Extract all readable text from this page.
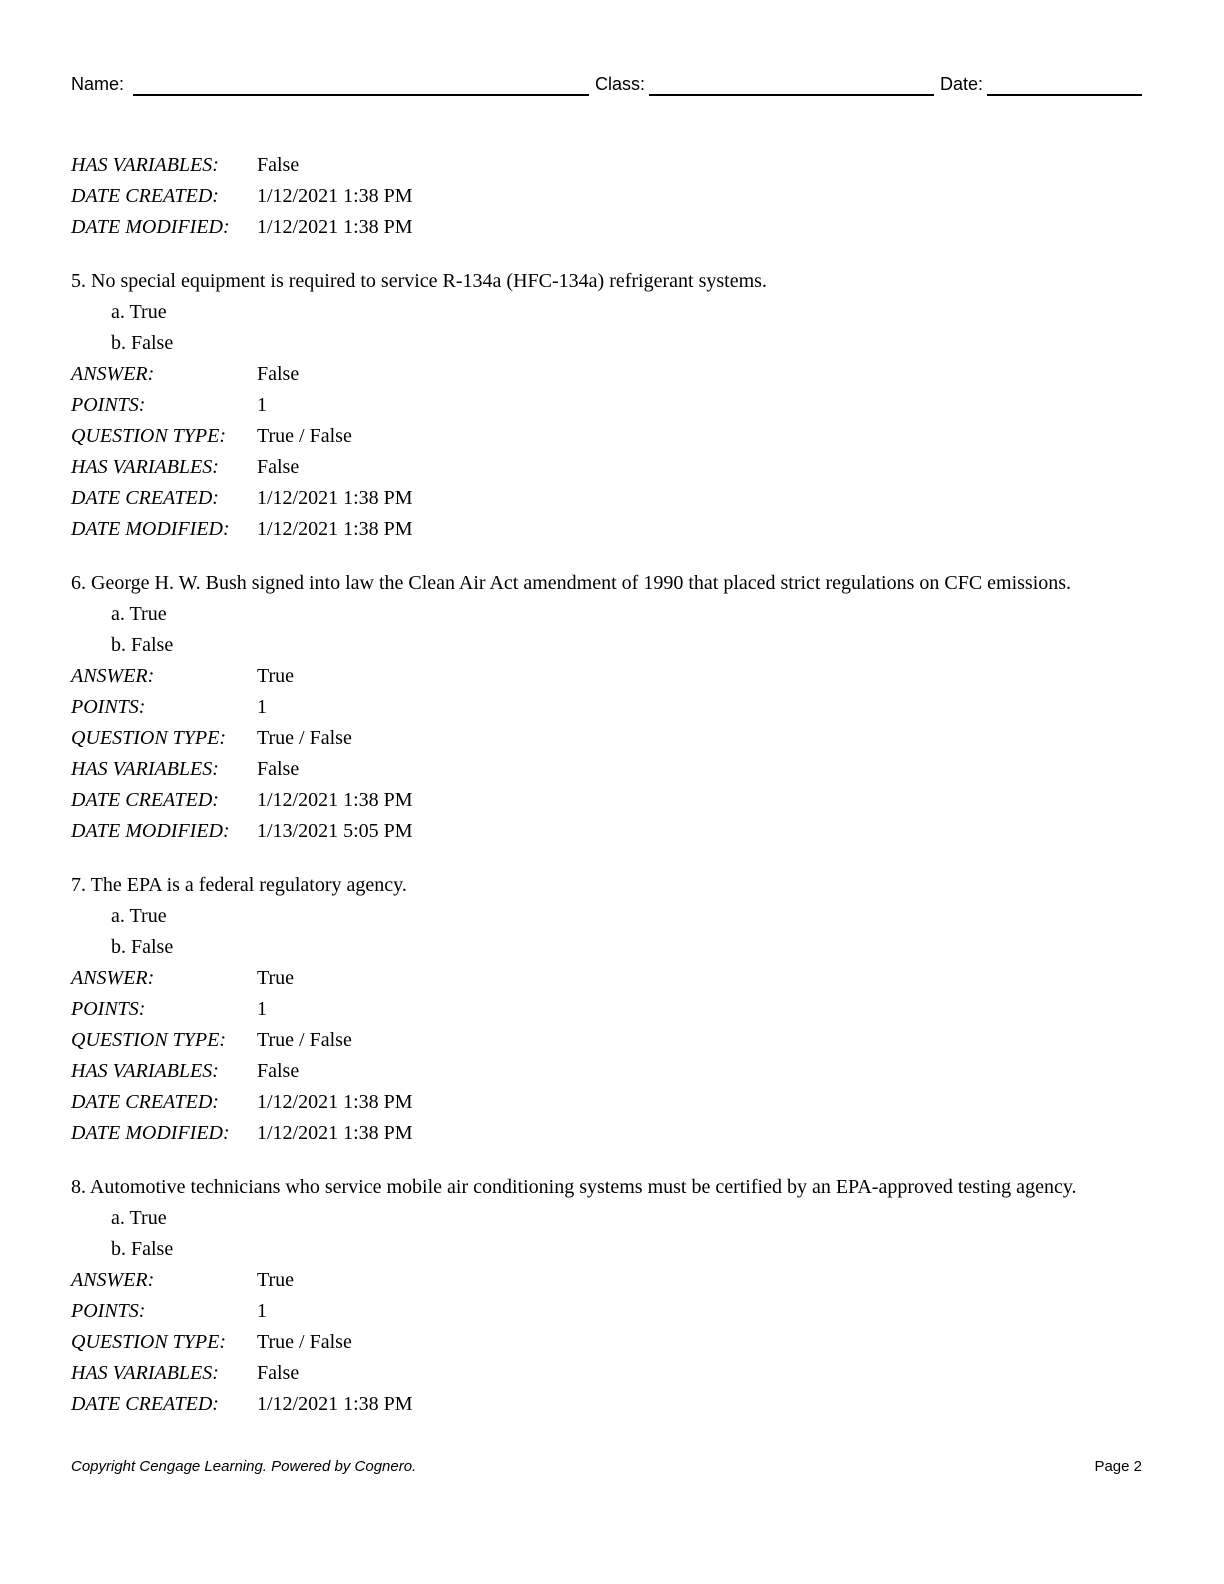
Name:	Class:	Date:
HAS VARIABLES: False
DATE CREATED: 1/12/2021 1:38 PM
DATE MODIFIED: 1/12/2021 1:38 PM
5. No special equipment is required to service R-134a (HFC-134a) refrigerant systems.
a. True
b. False
ANSWER:	False
POINTS:	1
QUESTION TYPE: True / False
HAS VARIABLES: False
DATE CREATED: 1/12/2021 1:38 PM
DATE MODIFIED: 1/12/2021 1:38 PM
6. George H. W. Bush signed into law the Clean Air Act amendment of 1990 that placed strict regulations on CFC emissions.
a. True
b. False
ANSWER:	True
POINTS:	1
QUESTION TYPE: True / False
HAS VARIABLES: False
DATE CREATED: 1/12/2021 1:38 PM
DATE MODIFIED: 1/13/2021 5:05 PM
7. The EPA is a federal regulatory agency.
a. True
b. False
ANSWER:	True
POINTS:	1
QUESTION TYPE: True / False
HAS VARIABLES: False
DATE CREATED: 1/12/2021 1:38 PM
DATE MODIFIED: 1/12/2021 1:38 PM
8. Automotive technicians who service mobile air conditioning systems must be certified by an EPA-approved testing agency.
a. True
b. False
ANSWER:	True
POINTS:	1
QUESTION TYPE: True / False
HAS VARIABLES: False
DATE CREATED: 1/12/2021 1:38 PM
Copyright Cengage Learning. Powered by Cognero.	Page 2
